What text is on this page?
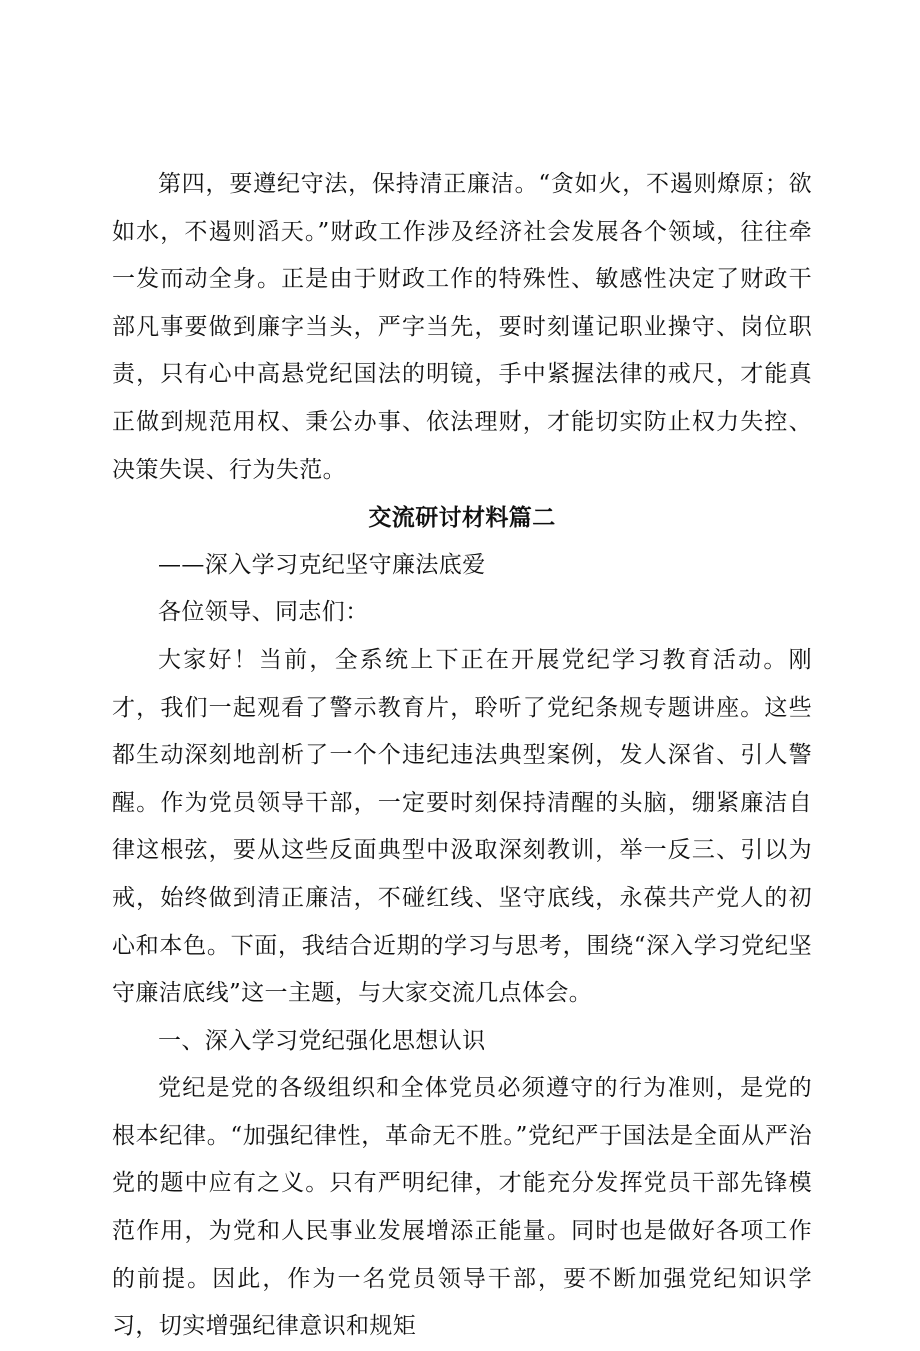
第四，要遵纪守法，保持清正廉洁。“贪如火，不遏则燎原；欲如水，不遏则滔天。”财政工作涉及经济社会发展各个领域，往往牵一发而动全身。正是由于财政工作的特殊性、敏感性决定了财政干部凡事要做到廉字当头，严字当先，要时刻谨记职业操守、岗位职责，只有心中高悬党纪国法的明镜，手中紧握法律的戒尺，才能真正做到规范用权、秉公办事、依法理财，才能切实防止权力失控、决策失误、行为失范。

交流研讨材料篇二

——深入学习克纪坚守廉法底爱

各位领导、同志们：

大家好！当前，全系统上下正在开展党纪学习教育活动。刚才，我们一起观看了警示教育片，聆听了党纪条规专题讲座。这些都生动深刻地剖析了一个个违纪违法典型案例，发人深省、引人警醒。作为党员领导干部，一定要时刻保持清醒的头脑，绷紧廉洁自律这根弦，要从这些反面典型中汲取深刻教训，举一反三、引以为戒，始终做到清正廉洁，不碰红线、坚守底线，永葆共产党人的初心和本色。下面，我结合近期的学习与思考，围绕“深入学习党纪坚守廉洁底线”这一主题，与大家交流几点体会。

一、深入学习党纪强化思想认识

党纪是党的各级组织和全体党员必须遵守的行为准则，是党的根本纪律。“加强纪律性，革命无不胜。”党纪严于国法是全面从严治党的题中应有之义。只有严明纪律，才能充分发挥党员干部先锋模范作用，为党和人民事业发展增添正能量。同时也是做好各项工作的前提。因此，作为一名党员领导干部，要不断加强党纪知识学习，切实增强纪律意识和规矩
